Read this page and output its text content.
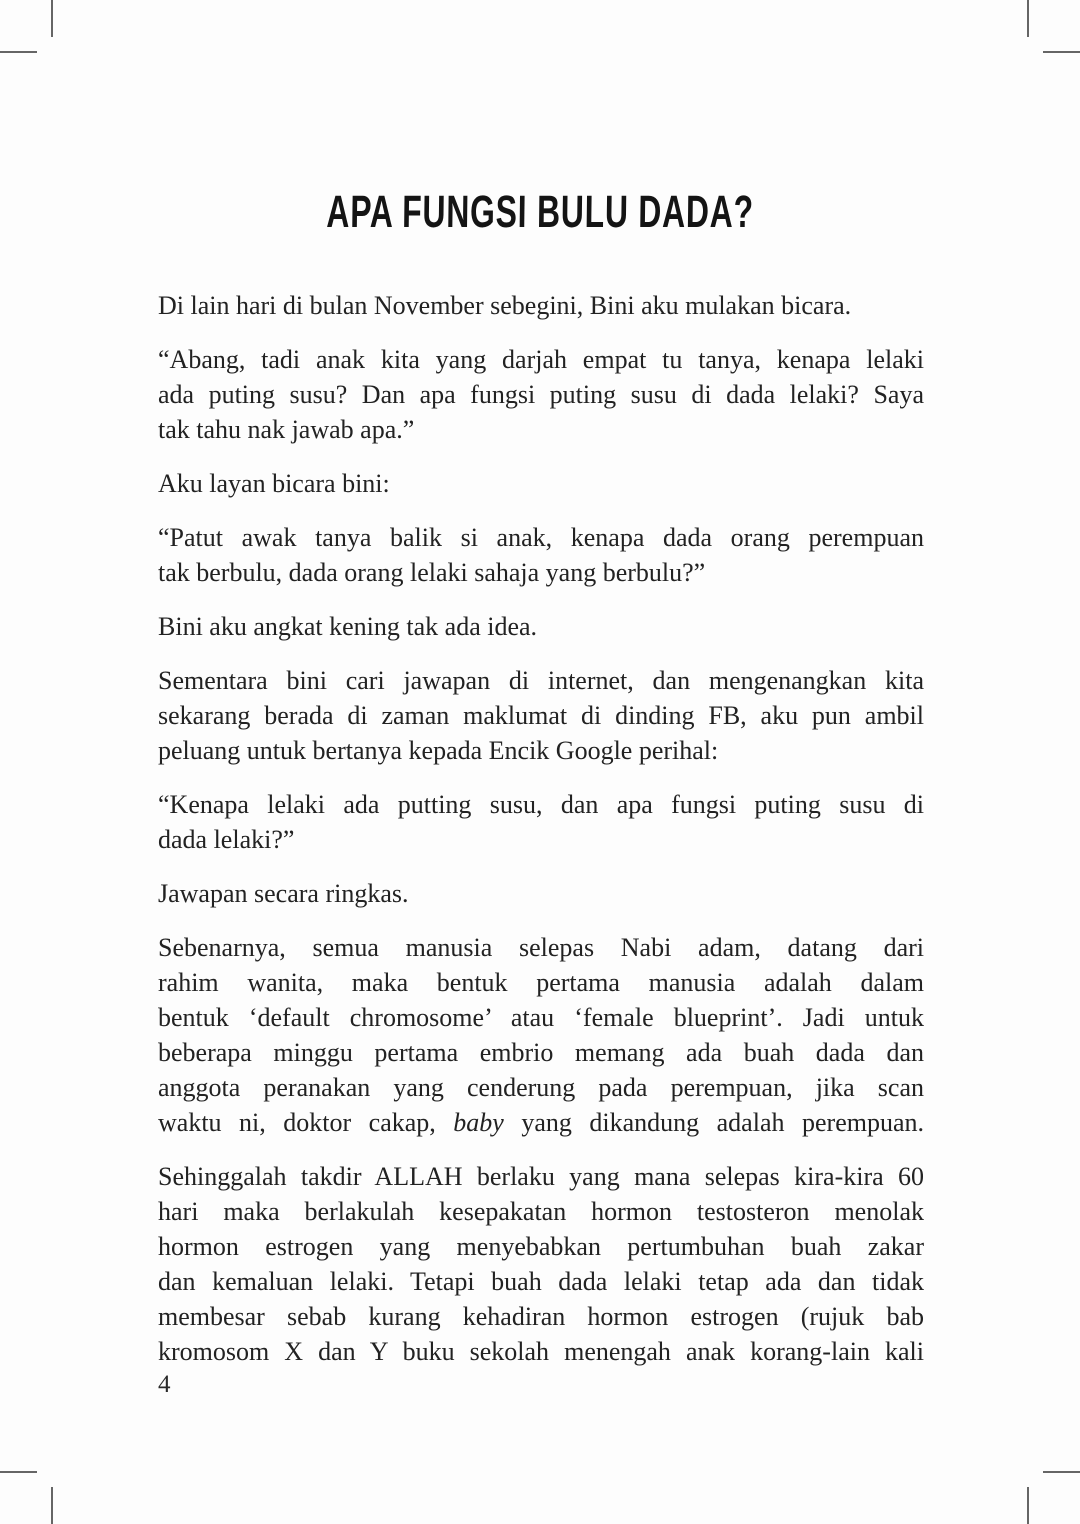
APA FUNGSI BULU DADA?
Di lain hari di bulan November sebegini, Bini aku mulakan bicara.
“Abang, tadi anak kita yang darjah empat tu tanya, kenapa lelaki
ada puting susu? Dan apa fungsi puting susu di dada lelaki? Saya
tak tahu nak jawab apa.”
Aku layan bicara bini:
“Patut awak tanya balik si anak, kenapa dada orang perempuan
tak berbulu, dada orang lelaki sahaja yang berbulu?”
Bini aku angkat kening tak ada idea.
Sementara bini cari jawapan di internet, dan mengenangkan kita
sekarang berada di zaman maklumat di dinding FB, aku pun ambil
peluang untuk bertanya kepada Encik Google perihal:
“Kenapa lelaki ada putting susu, dan apa fungsi puting susu di
dada lelaki?”
Jawapan secara ringkas.
Sebenarnya, semua manusia selepas Nabi adam, datang dari
rahim wanita, maka bentuk pertama manusia adalah dalam
bentuk ‘default chromosome’ atau ‘female blueprint’. Jadi untuk
beberapa minggu pertama embrio memang ada buah dada dan
anggota peranakan yang cenderung pada perempuan, jika scan
waktu ni, doktor cakap, baby yang dikandung adalah perempuan.
Sehinggalah takdir ALLAH berlaku yang mana selepas kira-kira 60
hari maka berlakulah kesepakatan hormon testosteron menolak
hormon estrogen yang menyebabkan pertumbuhan buah zakar
dan kemaluan lelaki. Tetapi buah dada lelaki tetap ada dan tidak
membesar sebab kurang kehadiran hormon estrogen (rujuk bab
kromosom X dan Y buku sekolah menengah anak korang-lain kali
4
